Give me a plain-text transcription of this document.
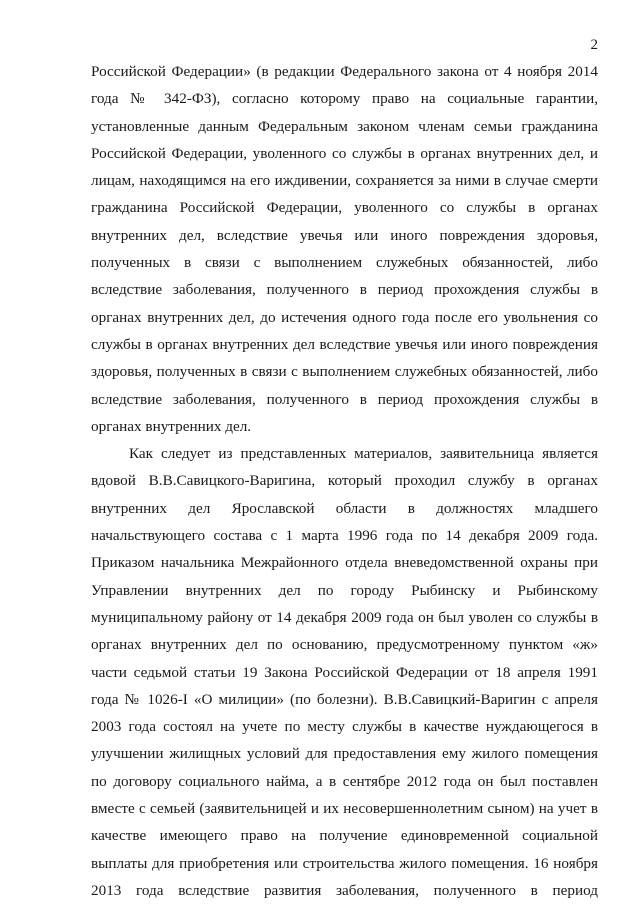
2
Российской Федерации» (в редакции Федерального закона от 4 ноября 2014
года № 342-ФЗ), согласно которому право на социальные гарантии,
установленные данным Федеральным законом членам семьи гражданина
Российской Федерации, уволенного со службы в органах внутренних дел, и
лицам, находящимся на его иждивении, сохраняется за ними в случае смерти
гражданина Российской Федерации, уволенного со службы в органах
внутренних дел, вследствие увечья или иного повреждения здоровья,
полученных в связи с выполнением служебных обязанностей, либо
вследствие заболевания, полученного в период прохождения службы в
органах внутренних дел, до истечения одного года после его увольнения со
службы в органах внутренних дел вследствие увечья или иного повреждения
здоровья, полученных в связи с выполнением служебных обязанностей, либо
вследствие заболевания, полученного в период прохождения службы в
органах внутренних дел.
Как следует из представленных материалов, заявительница является
вдовой В.В.Савицкого-Варигина, который проходил службу в органах
внутренних дел Ярославской области в должностях младшего
начальствующего состава с 1 марта 1996 года по 14 декабря 2009 года.
Приказом начальника Межрайонного отдела вневедомственной охраны при
Управлении внутренних дел по городу Рыбинску и Рыбинскому
муниципальному району от 14 декабря 2009 года он был уволен со службы в
органах внутренних дел по основанию, предусмотренному пунктом «ж»
части седьмой статьи 19 Закона Российской Федерации от 18 апреля 1991
года № 1026-I «О милиции» (по болезни). В.В.Савицкий-Варигин с апреля
2003 года состоял на учете по месту службы в качестве нуждающегося в
улучшении жилищных условий для предоставления ему жилого помещения
по договору социального найма, а в сентябре 2012 года он был поставлен
вместе с семьей (заявительницей и их несовершеннолетним сыном) на учет в
качестве имеющего право на получение единовременной социальной
выплаты для приобретения или строительства жилого помещения. 16 ноября
2013 года вследствие развития заболевания, полученного в период
